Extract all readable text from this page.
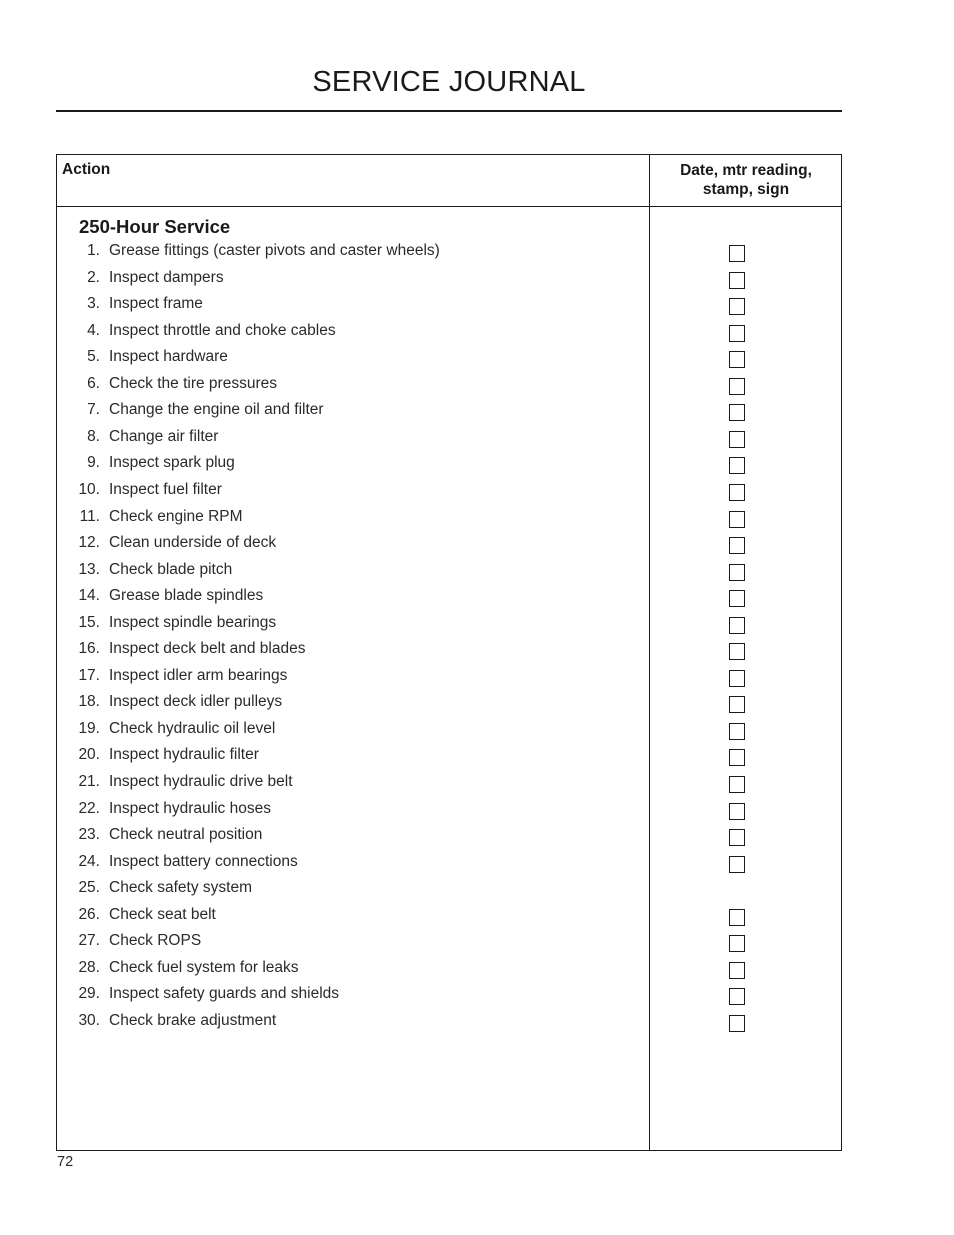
SERVICE JOURNAL
Action	Date, mtr reading,
stamp, sign
250-Hour Service
1. Grease fittings (caster pivots and caster wheels)
2. Inspect dampers
3. Inspect frame
4. Inspect throttle and choke cables
5. Inspect hardware
6. Check the tire pressures
7. Change the engine oil and filter
8. Change air filter
9. Inspect spark plug
10. Inspect fuel filter
11. Check engine RPM
12. Clean underside of deck
13. Check blade pitch
14. Grease blade spindles
15. Inspect spindle bearings
16. Inspect deck belt and blades
17. Inspect idler arm bearings
18. Inspect deck idler pulleys
19. Check hydraulic oil level
20. Inspect hydraulic filter
21. Inspect hydraulic drive belt
22. Inspect hydraulic hoses
23. Check neutral position
24. Inspect battery connections
25. Check safety system
26. Check seat belt
27. Check ROPS
28. Check fuel system for leaks
29. Inspect safety guards and shields
30. Check brake adjustment
72
